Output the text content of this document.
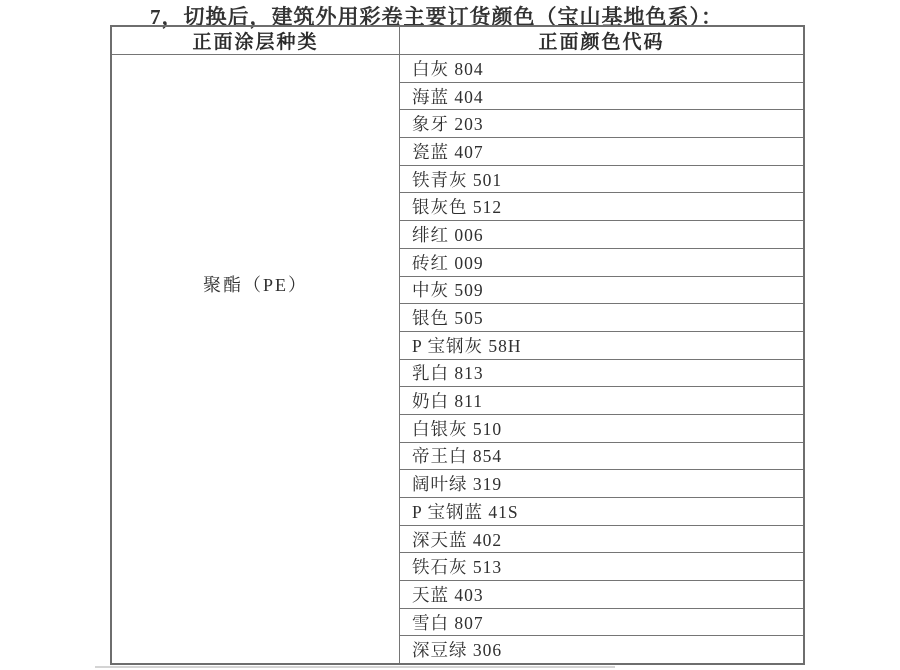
7，切换后，建筑外用彩卷主要订货颜色（宝山基地色系）：
正面涂层种类	正面颜色代码

聚酯（PE）	白灰 804
	海蓝 404
	象牙 203
	瓷蓝 407
	铁青灰 501
	银灰色 512
	绯红 006
	砖红 009
	中灰 509
	银色 505
	P 宝钢灰 58H
	乳白 813
	奶白 811
	白银灰 510
	帝王白 854
	阔叶绿 319
	P 宝钢蓝 41S
	深天蓝 402
	铁石灰 513
	天蓝 403
	雪白 807
	深豆绿 306
